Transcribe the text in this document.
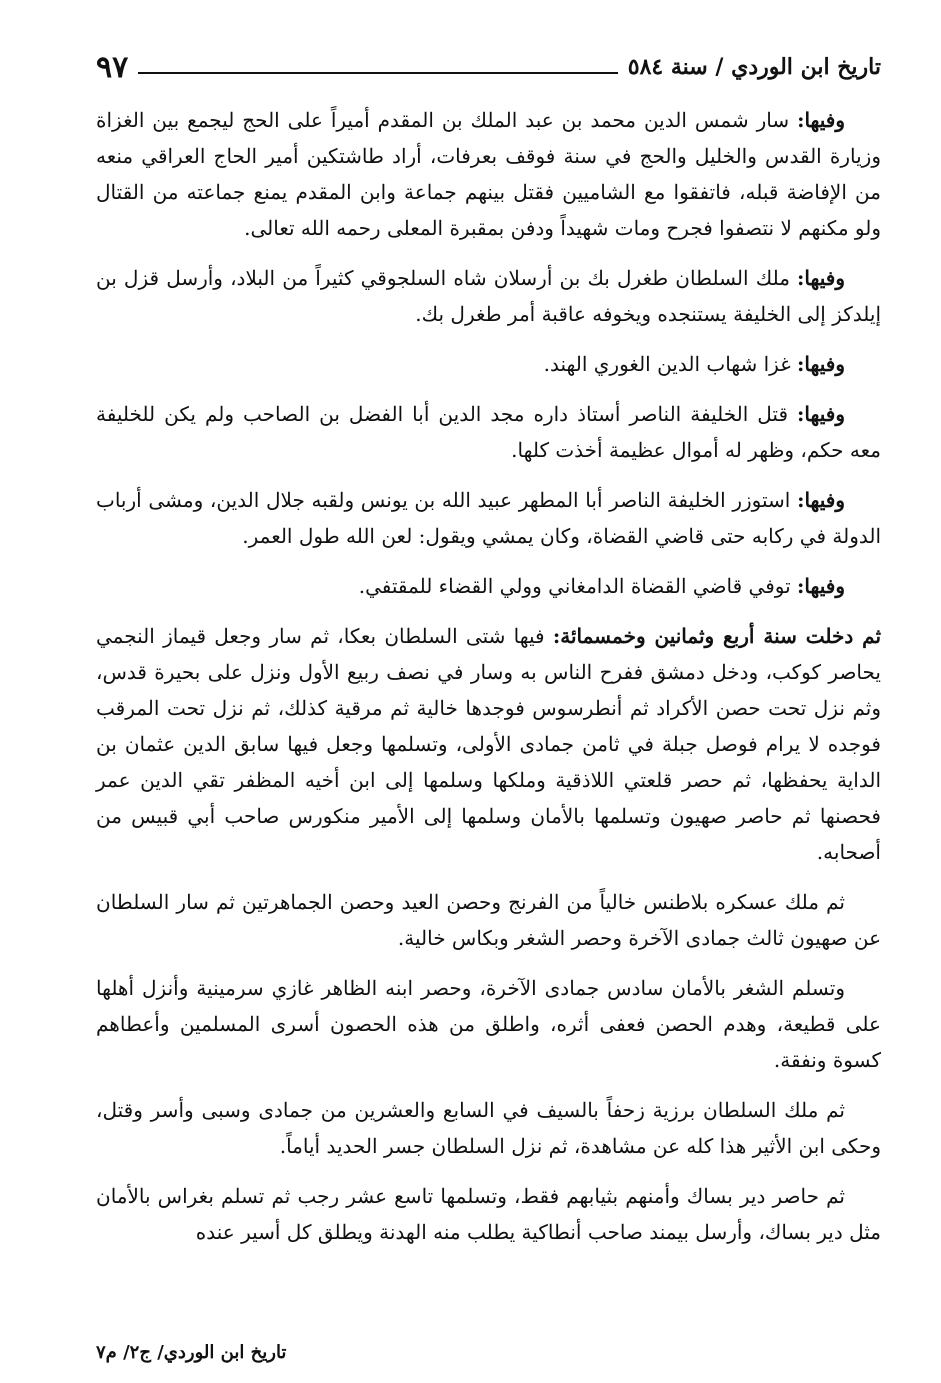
تاريخ ابن الوردي / سنة ٥٨٤
٩٧

وفيها: سار شمس الدين محمد بن عبد الملك بن المقدم أميراً على الحج ليجمع بين الغزاة وزيارة القدس والخليل والحج في سنة فوقف بعرفات، أراد طاشتكين أمير الحاج العراقي منعه من الإفاضة قبله، فاتفقوا مع الشاميين فقتل بينهم جماعة وابن المقدم يمنع جماعته من القتال ولو مكنهم لا نتصفوا فجرح ومات شهيداً ودفن بمقبرة المعلى رحمه الله تعالى.

وفيها: ملك السلطان طغرل بك بن أرسلان شاه السلجوقي كثيراً من البلاد، وأرسل قزل بن إيلدكز إلى الخليفة يستنجده ويخوفه عاقبة أمر طغرل بك.

وفيها: غزا شهاب الدين الغوري الهند.

وفيها: قتل الخليفة الناصر أستاذ داره مجد الدين أبا الفضل بن الصاحب ولم يكن للخليفة معه حكم، وظهر له أموال عظيمة أخذت كلها.

وفيها: استوزر الخليفة الناصر أبا المطهر عبيد الله بن يونس ولقبه جلال الدين، ومشى أرباب الدولة في ركابه حتى قاضي القضاة، وكان يمشي ويقول: لعن الله طول العمر.

وفيها: توفي قاضي القضاة الدامغاني وولي القضاء للمقتفي.

ثم دخلت سنة أربع وثمانين وخمسمائة: فيها شتى السلطان بعكا، ثم سار وجعل قيماز النجمي يحاصر كوكب، ودخل دمشق ففرح الناس به وسار في نصف ربيع الأول ونزل على بحيرة قدس، وثم نزل تحت حصن الأكراد ثم أنطرسوس فوجدها خالية ثم مرقية كذلك، ثم نزل تحت المرقب فوجده لا يرام فوصل جبلة في ثامن جمادى الأولى، وتسلمها وجعل فيها سابق الدين عثمان بن الداية يحفظها، ثم حصر قلعتي اللاذقية وملكها وسلمها إلى ابن أخيه المظفر تقي الدين عمر فحصنها ثم حاصر صهيون وتسلمها بالأمان وسلمها إلى الأمير منكورس صاحب أبي قبيس من أصحابه.

ثم ملك عسكره بلاطنس خالياً من الفرنج وحصن العيد وحصن الجماهرتين ثم سار السلطان عن صهيون ثالث جمادى الآخرة وحصر الشغر وبكاس خالية.

وتسلم الشغر بالأمان سادس جمادى الآخرة، وحصر ابنه الظاهر غازي سرمينية وأنزل أهلها على قطيعة، وهدم الحصن فعفى أثره، واطلق من هذه الحصون أسرى المسلمين وأعطاهم كسوة ونفقة.

ثم ملك السلطان برزية زحفاً بالسيف في السابع والعشرين من جمادى وسبى وأسر وقتل، وحكى ابن الأثير هذا كله عن مشاهدة، ثم نزل السلطان جسر الحديد أياماً.

ثم حاصر دير بساك وأمنهم بثيابهم فقط، وتسلمها تاسع عشر رجب ثم تسلم بغراس بالأمان مثل دير بساك، وأرسل بيمند صاحب أنطاكية يطلب منه الهدنة ويطلق كل أسير عنده

تاريخ ابن الوردي/ ج٢/ م٧
